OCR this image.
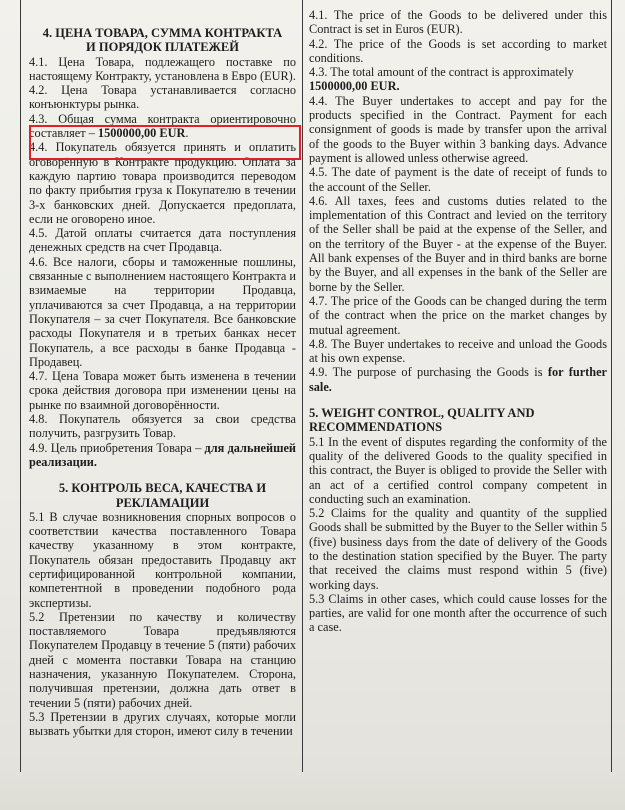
4. ЦЕНА ТОВАРА, СУММА КОНТРАКТА

И ПОРЯДОК ПЛАТЕЖЕЙ

4.1. Цена Товара, подлежащего поставке по настоящему Контракту, установлена в Евро (EUR).

4.2. Цена Товара устанавливается согласно конъюнктуры рынка.

4.3. Общая сумма контракта ориентировочно составляет – 1500000,00 EUR.

4.4. Покупатель обязуется принять и оплатить оговорённую в Контракте продукцию. Оплата за каждую партию товара производится переводом по факту прибытия груза к Покупателю в течении 3-х банковских дней. Допускается предоплата, если не оговорено иное.

4.5. Датой оплаты считается дата поступления денежных средств на счет Продавца.

4.6. Все налоги, сборы и таможенные пошлины, связанные с выполнением настоящего Контракта и взимаемые на территории Продавца, уплачиваются за счет Продавца, а на территории Покупателя – за счет Покупателя. Все банковские расходы Покупателя и в третьих банках несет Покупатель, а все расходы в банке Продавца - Продавец.

4.7. Цена Товара может быть изменена в течении срока действия договора при изменении цены на рынке по взаимной договорённости.

4.8. Покупатель обязуется за свои средства получить, разгрузить Товар.

4.9. Цель приобретения Товара – для дальнейшей реализации.

5. КОНТРОЛЬ ВЕСА, КАЧЕСТВА И

РЕКЛАМАЦИИ

5.1 В случае возникновения спорных вопросов о соответствии качества поставленного Товара качеству указанному в этом контракте, Покупатель обязан предоставить Продавцу акт сертифицированной контрольной компании, компетентной в проведении подобного рода экспертизы.

5.2 Претензии по качеству и количеству поставляемого Товара предъявляются Покупателем Продавцу в течение 5 (пяти) рабочих дней с момента поставки Товара на станцию назначения, указанную Покупателем. Сторона, получившая претензии, должна дать ответ в течении 5 (пяти) рабочих дней.

5.3 Претензии в других случаях, которые могли вызвать убытки для сторон, имеют силу в течении

4.1. The price of the Goods to be delivered under this Contract is set in Euros (EUR).

4.2. The price of the Goods is set according to market conditions.

4.3. The total amount of the contract is approximately

1500000,00 EUR.

4.4. The Buyer undertakes to accept and pay for the products specified in the Contract. Payment for each consignment of goods is made by transfer upon the arrival of the goods to the Buyer within 3 banking days. Advance payment is allowed unless otherwise agreed.

4.5. The date of payment is the date of receipt of funds to the account of the Seller.

4.6. All taxes, fees and customs duties related to the implementation of this Contract and levied on the territory of the Seller shall be paid at the expense of the Seller, and on the territory of the Buyer - at the expense of the Buyer. All bank expenses of the Buyer and in third banks are borne by the Buyer, and all expenses in the bank of the Seller are borne by the Seller.

4.7. The price of the Goods can be changed during the term of the contract when the price on the market changes by mutual agreement.

4.8. The Buyer undertakes to receive and unload the Goods at his own expense.

4.9. The purpose of purchasing the Goods is for further sale.

5. WEIGHT CONTROL, QUALITY AND

RECOMMENDATIONS

5.1 In the event of disputes regarding the conformity of the quality of the delivered Goods to the quality specified in this contract, the Buyer is obliged to provide the Seller with an act of a certified control company competent in conducting such an examination.

5.2 Claims for the quality and quantity of the supplied Goods shall be submitted by the Buyer to the Seller within 5 (five) business days from the date of delivery of the Goods to the destination station specified by the Buyer. The party that received the claims must respond within 5 (five) working days.

5.3 Claims in other cases, which could cause losses for the parties, are valid for one month after the occurrence of such a case.
